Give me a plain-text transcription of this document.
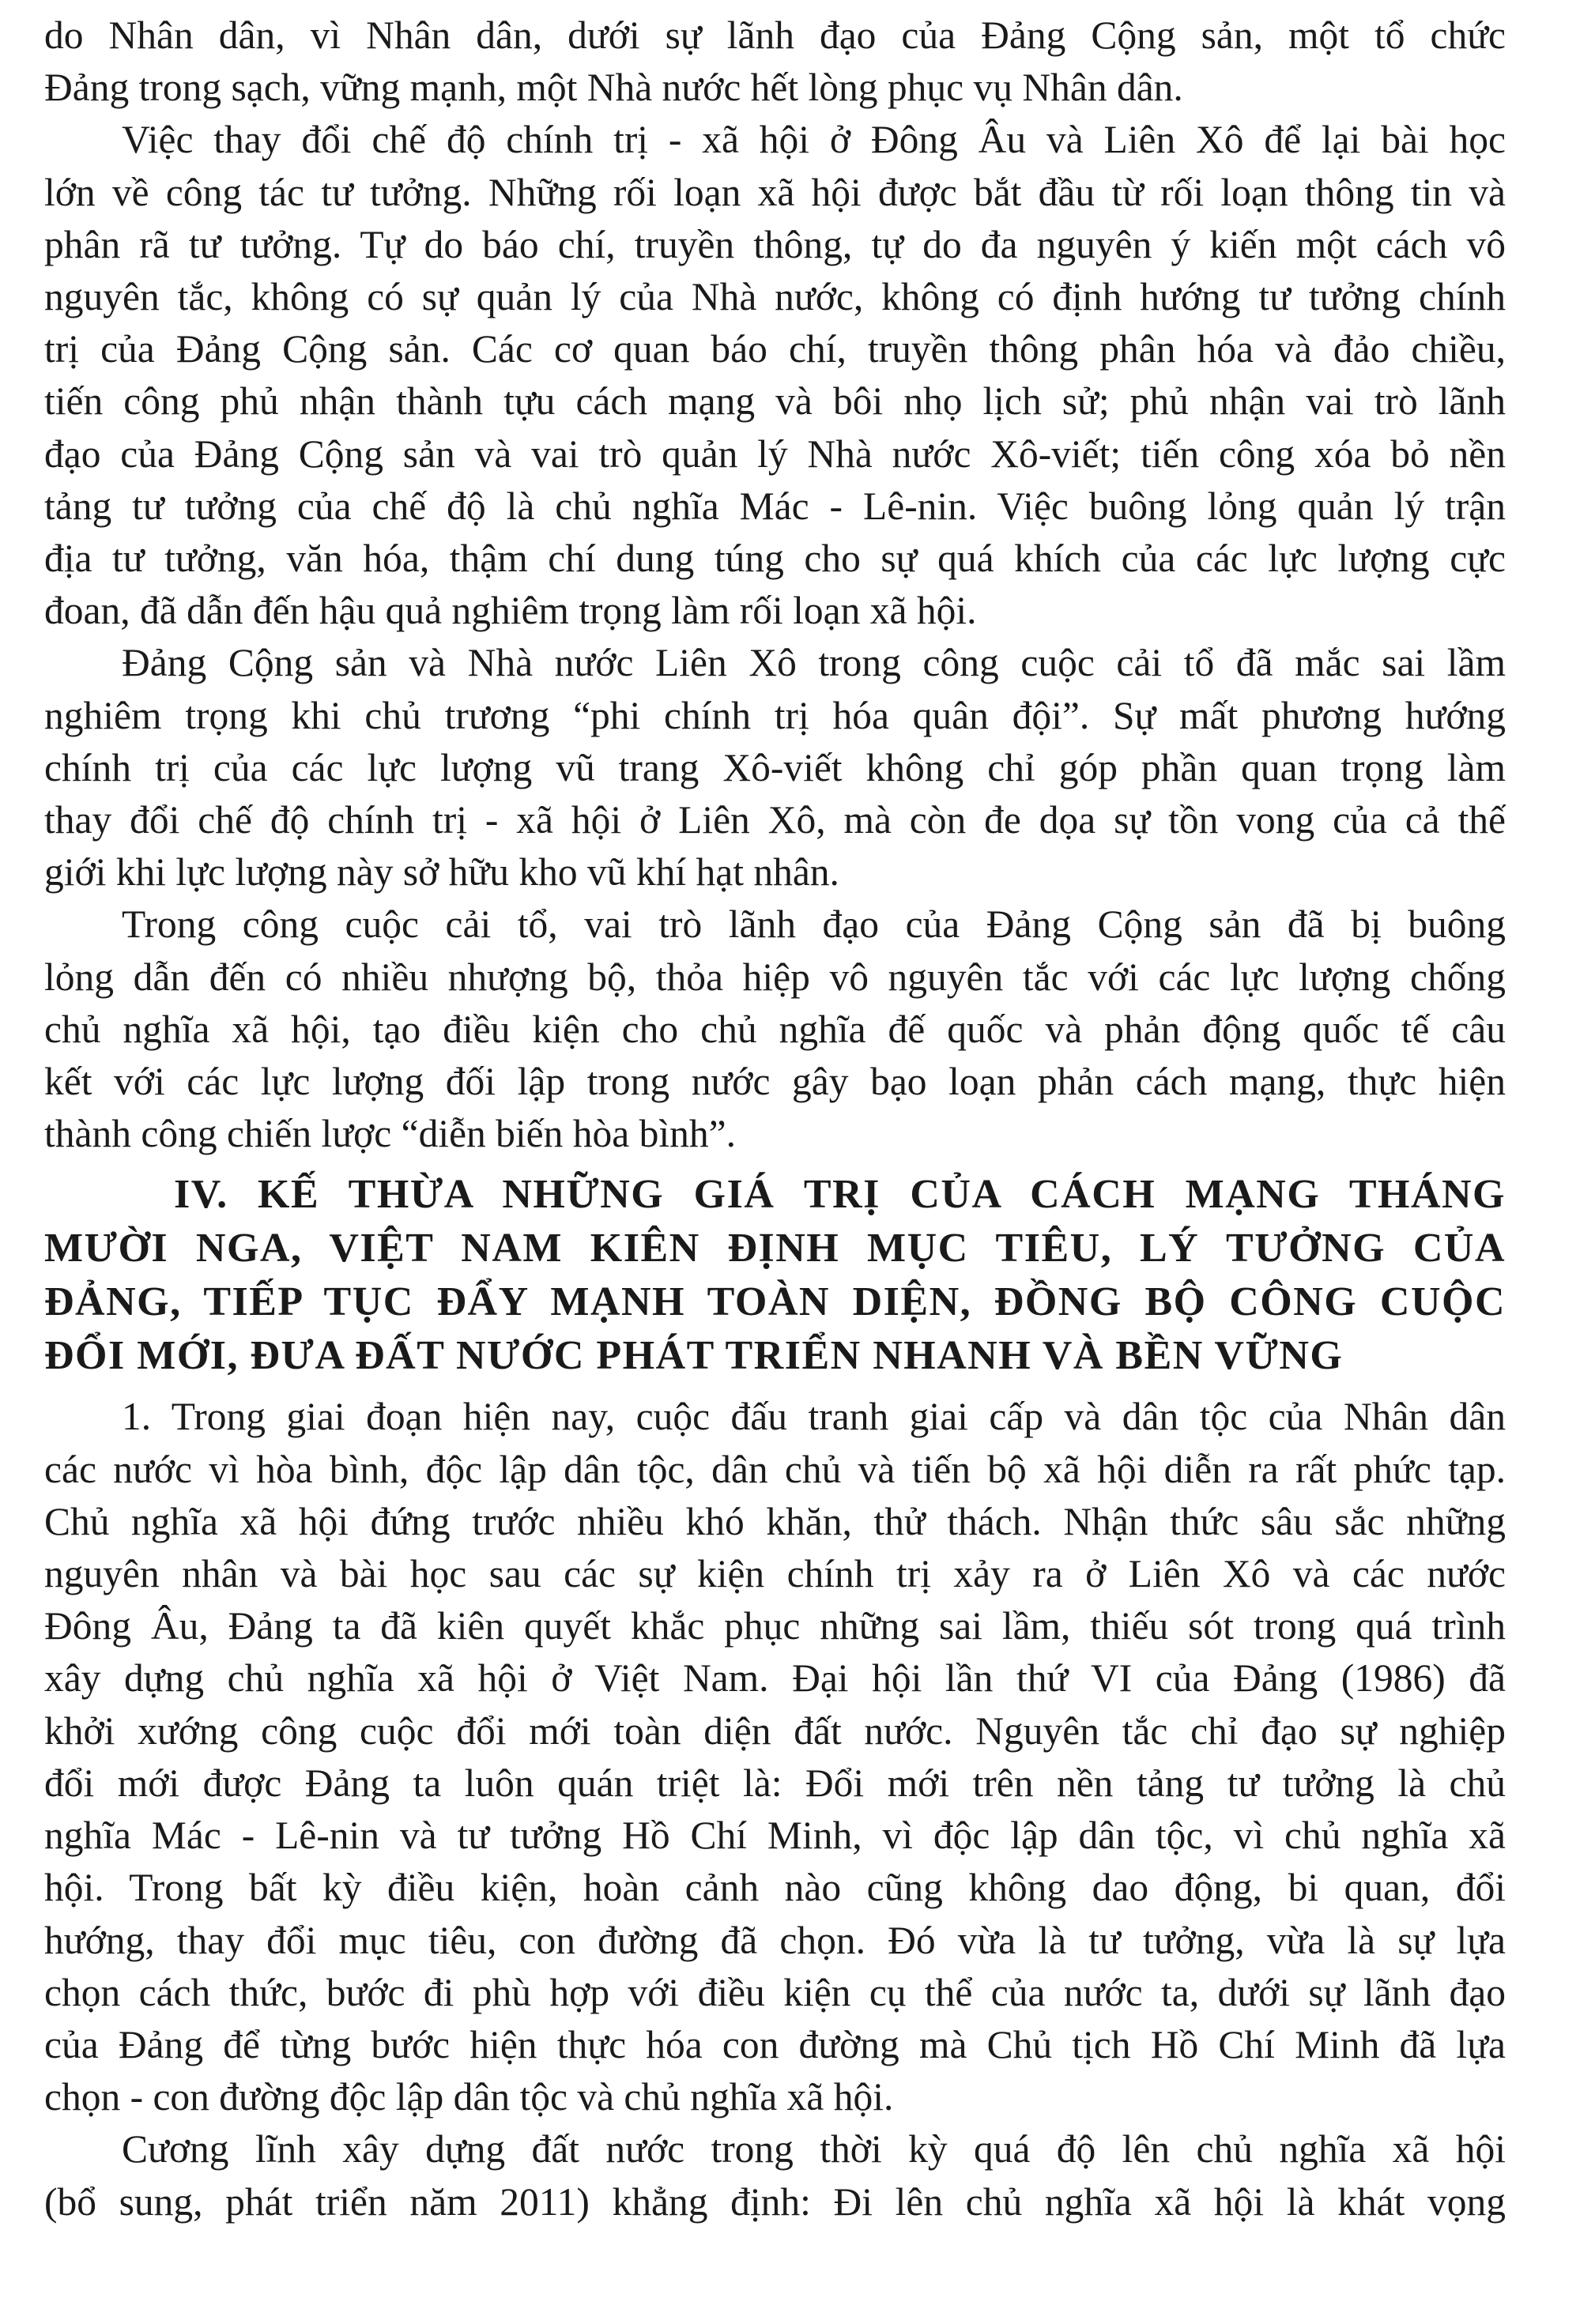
do Nhân dân, vì Nhân dân, dưới sự lãnh đạo của Đảng Cộng sản, một tổ chức
Đảng trong sạch, vững mạnh, một Nhà nước hết lòng phục vụ Nhân dân.
Việc thay đổi chế độ chính trị - xã hội ở Đông Âu và Liên Xô để lại bài học
lớn về công tác tư tưởng. Những rối loạn xã hội được bắt đầu từ rối loạn thông tin và
phân rã tư tưởng. Tự do báo chí, truyền thông, tự do đa nguyên ý kiến một cách vô
nguyên tắc, không có sự quản lý của Nhà nước, không có định hướng tư tưởng chính
trị của Đảng Cộng sản. Các cơ quan báo chí, truyền thông phân hóa và đảo chiều,
tiến công phủ nhận thành tựu cách mạng và bôi nhọ lịch sử; phủ nhận vai trò lãnh
đạo của Đảng Cộng sản và vai trò quản lý Nhà nước Xô-viết; tiến công xóa bỏ nền
tảng tư tưởng của chế độ là chủ nghĩa Mác - Lê-nin. Việc buông lỏng quản lý trận
địa tư tưởng, văn hóa, thậm chí dung túng cho sự quá khích của các lực lượng cực
đoan, đã dẫn đến hậu quả nghiêm trọng làm rối loạn xã hội.
Đảng Cộng sản và Nhà nước Liên Xô trong công cuộc cải tổ đã mắc sai lầm
nghiêm trọng khi chủ trương “phi chính trị hóa quân đội”. Sự mất phương hướng
chính trị của các lực lượng vũ trang Xô-viết không chỉ góp phần quan trọng làm
thay đổi chế độ chính trị - xã hội ở Liên Xô, mà còn đe dọa sự tồn vong của cả thế
giới khi lực lượng này sở hữu kho vũ khí hạt nhân.
Trong công cuộc cải tổ, vai trò lãnh đạo của Đảng Cộng sản đã bị buông
lỏng dẫn đến có nhiều nhượng bộ, thỏa hiệp vô nguyên tắc với các lực lượng chống
chủ nghĩa xã hội, tạo điều kiện cho chủ nghĩa đế quốc và phản động quốc tế câu
kết với các lực lượng đối lập trong nước gây bạo loạn phản cách mạng, thực hiện
thành công chiến lược “diễn biến hòa bình”.
IV. KẾ THỪA NHỮNG GIÁ TRỊ CỦA CÁCH MẠNG THÁNG
MƯỜI NGA, VIỆT NAM KIÊN ĐỊNH MỤC TIÊU, LÝ TƯỞNG CỦA
ĐẢNG, TIẾP TỤC ĐẨY MẠNH TOÀN DIỆN, ĐỒNG BỘ CÔNG CUỘC
ĐỔI MỚI, ĐƯA ĐẤT NƯỚC PHÁT TRIỂN NHANH VÀ BỀN VỮNG
1. Trong giai đoạn hiện nay, cuộc đấu tranh giai cấp và dân tộc của Nhân dân
các nước vì hòa bình, độc lập dân tộc, dân chủ và tiến bộ xã hội diễn ra rất phức tạp.
Chủ nghĩa xã hội đứng trước nhiều khó khăn, thử thách. Nhận thức sâu sắc những
nguyên nhân và bài học sau các sự kiện chính trị xảy ra ở Liên Xô và các nước
Đông Âu, Đảng ta đã kiên quyết khắc phục những sai lầm, thiếu sót trong quá trình
xây dựng chủ nghĩa xã hội ở Việt Nam. Đại hội lần thứ VI của Đảng (1986) đã
khởi xướng công cuộc đổi mới toàn diện đất nước. Nguyên tắc chỉ đạo sự nghiệp
đổi mới được Đảng ta luôn quán triệt là: Đổi mới trên nền tảng tư tưởng là chủ
nghĩa Mác - Lê-nin và tư tưởng Hồ Chí Minh, vì độc lập dân tộc, vì chủ nghĩa xã
hội. Trong bất kỳ điều kiện, hoàn cảnh nào cũng không dao động, bi quan, đổi
hướng, thay đổi mục tiêu, con đường đã chọn. Đó vừa là tư tưởng, vừa là sự lựa
chọn cách thức, bước đi phù hợp với điều kiện cụ thể của nước ta, dưới sự lãnh đạo
của Đảng để từng bước hiện thực hóa con đường mà Chủ tịch Hồ Chí Minh đã lựa
chọn - con đường độc lập dân tộc và chủ nghĩa xã hội.
Cương lĩnh xây dựng đất nước trong thời kỳ quá độ lên chủ nghĩa xã hội
(bổ sung, phát triển năm 2011) khẳng định: Đi lên chủ nghĩa xã hội là khát vọng
